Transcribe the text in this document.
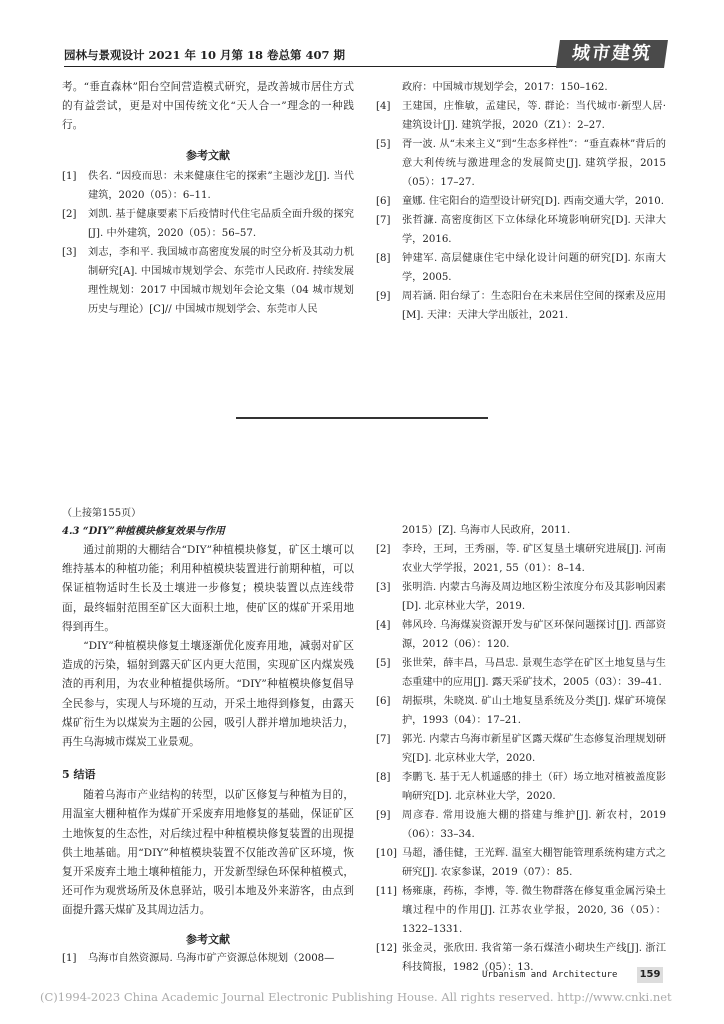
园林与景观设计 2021 年 10 月第 18 卷总第 407 期	城市建筑
考。“垂直森林”阳台空间营造模式研究，是改善城市居住方式的有益尝试，更是对中国传统文化“天人合一”理念的一种践行。
参考文献
[1]	佚名. “因疫而思：未来健康住宅的探索”主题沙龙[J]. 当代建筑，2020（05）：6–11.
[2]	刘凯. 基于健康要素下后疫情时代住宅品质全面升级的探究[J]. 中外建筑，2020（05）：56–57.
[3]	刘志，李和平. 我国城市高密度发展的时空分析及其动力机制研究[A]. 中国城市规划学会、东莞市人民政府. 持续发展 理性规划：2017 中国城市规划年会论文集（04 城市规划历史与理论）[C]// 中国城市规划学会、东莞市人民
政府：中国城市规划学会，2017：150–162.
[4]	王建国，庄惟敏，孟建民，等. 群论：当代城市·新型人居·建筑设计[J]. 建筑学报，2020（Z1）：2–27.
[5]	胥一波. 从“未来主义”到“生态多样性”：“垂直森林”背后的意大利传统与激进理念的发展简史[J]. 建筑学报，2015（05）：17–27.
[6]	童娜. 住宅阳台的造型设计研究[D]. 西南交通大学，2010.
[7]	张哲濂. 高密度街区下立体绿化环境影响研究[D]. 天津大学，2016.
[8]	钟建军. 高层健康住宅中绿化设计问题的研究[D]. 东南大学，2005.
[9]	周若涵. 阳台绿了：生态阳台在未来居住空间的探索及应用[M]. 天津：天津大学出版社，2021.
（上接第155页）
4.3 “DIY”种植模块修复效果与作用
通过前期的大棚结合“DIY”种植模块修复，矿区土壤可以维持基本的种植功能；利用种植模块装置进行前期种植，可以保证植物适时生长及土壤进一步修复；模块装置以点连线带面，最终辐射范围至矿区大面积土地，使矿区的煤矿开采用地得到再生。
“DIY”种植模块修复土壤逐渐优化废弃用地，减弱对矿区造成的污染，辐射到露天矿区内更大范围，实现矿区内煤炭残渣的再利用，为农业种植提供场所。“DIY”种植模块修复倡导全民参与，实现人与环境的互动，开采土地得到修复，由露天煤矿衍生为以煤炭为主题的公园，吸引人群并增加地块活力，再生乌海城市煤炭工业景观。
5 结语
随着乌海市产业结构的转型，以矿区修复与种植为目的，用温室大棚种植作为煤矿开采废弃用地修复的基础，保证矿区土地恢复的生态性，对后续过程中种植模块修复装置的出现提供土地基础。用“DIY”种植模块装置不仅能改善矿区环境，恢复开采废弃土地土壤种植能力，开发新型绿色环保种植模式，还可作为观赏场所及休息驿站，吸引本地及外来游客，由点到面提升露天煤矿及其周边活力。
参考文献
[1]	乌海市自然资源局. 乌海市矿产资源总体规划（2008—
2015）[Z]. 乌海市人民政府，2011.
[2]	李玲，王珂，王秀丽，等. 矿区复垦土壤研究进展[J]. 河南农业大学学报，2021, 55（01）：8–14.
[3]	张明浩. 内蒙古乌海及周边地区粉尘浓度分布及其影响因素[D]. 北京林业大学，2019.
[4]	韩风玲. 乌海煤炭资源开发与矿区环保问题探讨[J]. 西部资源，2012（06）：120.
[5]	张世荣，薛丰昌，马昌忠. 景观生态学在矿区土地复垦与生态重建中的应用[J]. 露天采矿技术，2005（03）：39–41.
[6]	胡振琪，朱晓岚. 矿山土地复垦系统及分类[J]. 煤矿环境保护，1993（04）：17–21.
[7]	郭光. 内蒙古乌海市新星矿区露天煤矿生态修复治理规划研究[D]. 北京林业大学，2020.
[8]	李鹏飞. 基于无人机遥感的排土（矸）场立地对植被盖度影响研究[D]. 北京林业大学，2020.
[9]	周彦春. 常用设施大棚的搭建与维护[J]. 新农村，2019（06）：33–34.
[10] 马超，潘佳健，王光辉. 温室大棚智能管理系统构建方式之研究[J]. 农家参谋，2019（07）：85.
[11] 杨雍康，药栋，李博，等. 微生物群落在修复重金属污染土壤过程中的作用[J]. 江苏农业学报，2020, 36（05）：1322–1331.
[12] 张金灵，张欣田. 我省第一条石煤渣小砌块生产线[J]. 浙江科技简报，1982（05）：13.
Urbanism and Architecture 159
(C)1994-2023 China Academic Journal Electronic Publishing House. All rights reserved. http://www.cnki.net
